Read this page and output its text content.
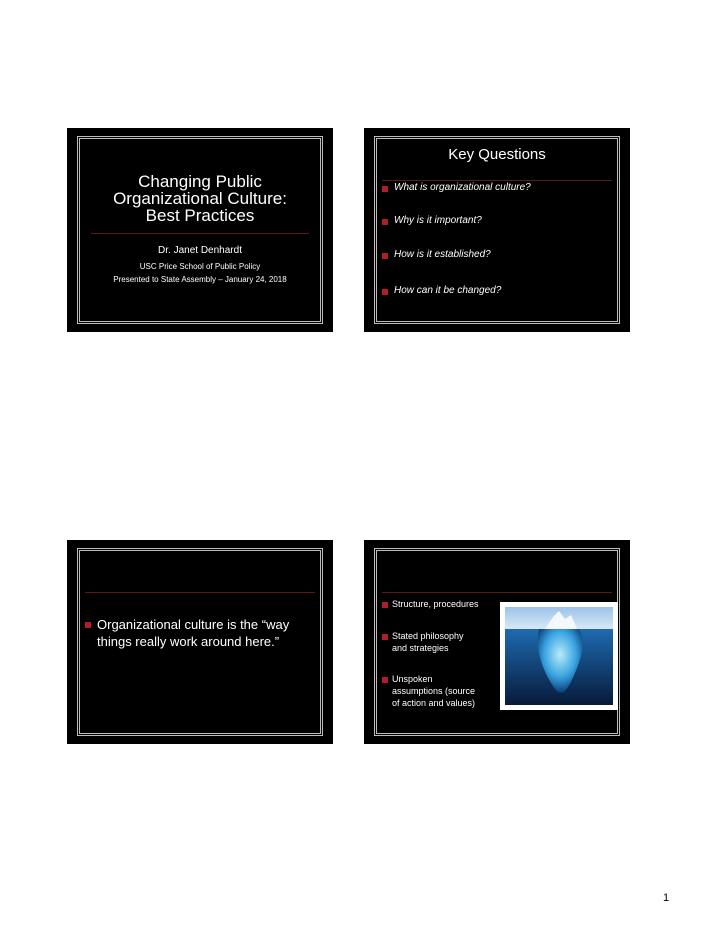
Changing Public
Organizational Culture:
Best Practices
Dr. Janet Denhardt
USC Price School of Public Policy
Presented to State Assembly – January 24, 2018
Key Questions
What is organizational culture?
Why is it important?
How is it established?
How can it be changed?
Organizational culture is the “way
things really work around here.”
Structure, procedures
Stated philosophy
and strategies
Unspoken
assumptions (source
of action and values)
1
